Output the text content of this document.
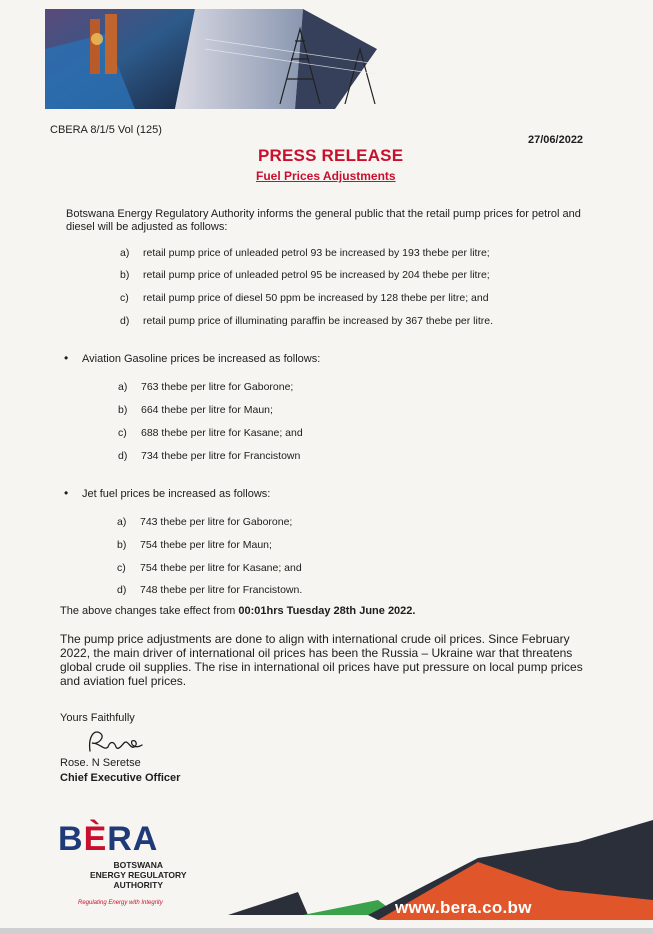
CBERA 8/1/5 Vol (125)
27/06/2022
PRESS RELEASE
Fuel Prices Adjustments
Botswana Energy Regulatory Authority informs the general public that the retail pump prices for petrol and diesel will be adjusted as follows:
a) retail pump price of unleaded petrol 93 be increased by 193 thebe per litre;
b) retail pump price of unleaded petrol 95 be increased by 204 thebe per litre;
c) retail pump price of diesel 50 ppm be increased by 128 thebe per litre; and
d) retail pump price of illuminating paraffin be increased by 367 thebe per litre.
• Aviation Gasoline prices be increased as follows:
a) 763 thebe per litre for Gaborone;
b) 664 thebe per litre for Maun;
c) 688 thebe per litre for Kasane; and
d) 734 thebe per litre for Francistown
• Jet fuel prices be increased as follows:
a) 743 thebe per litre for Gaborone;
b) 754 thebe per litre for Maun;
c) 754 thebe per litre for Kasane; and
d) 748 thebe per litre for Francistown.
The above changes take effect from 00:01hrs Tuesday 28th June 2022.
The pump price adjustments are done to align with international crude oil prices. Since February 2022, the main driver of international oil prices has been the Russia – Ukraine war that threatens global crude oil supplies. The rise in international oil prices have put pressure on local pump prices and aviation fuel prices.
Yours Faithfully
Rose. N Seretse
Chief Executive Officer
BÈRA
BOTSWANA
ENERGY REGULATORY
AUTHORITY
Regulating Energy with Integrity	www.bera.co.bw
